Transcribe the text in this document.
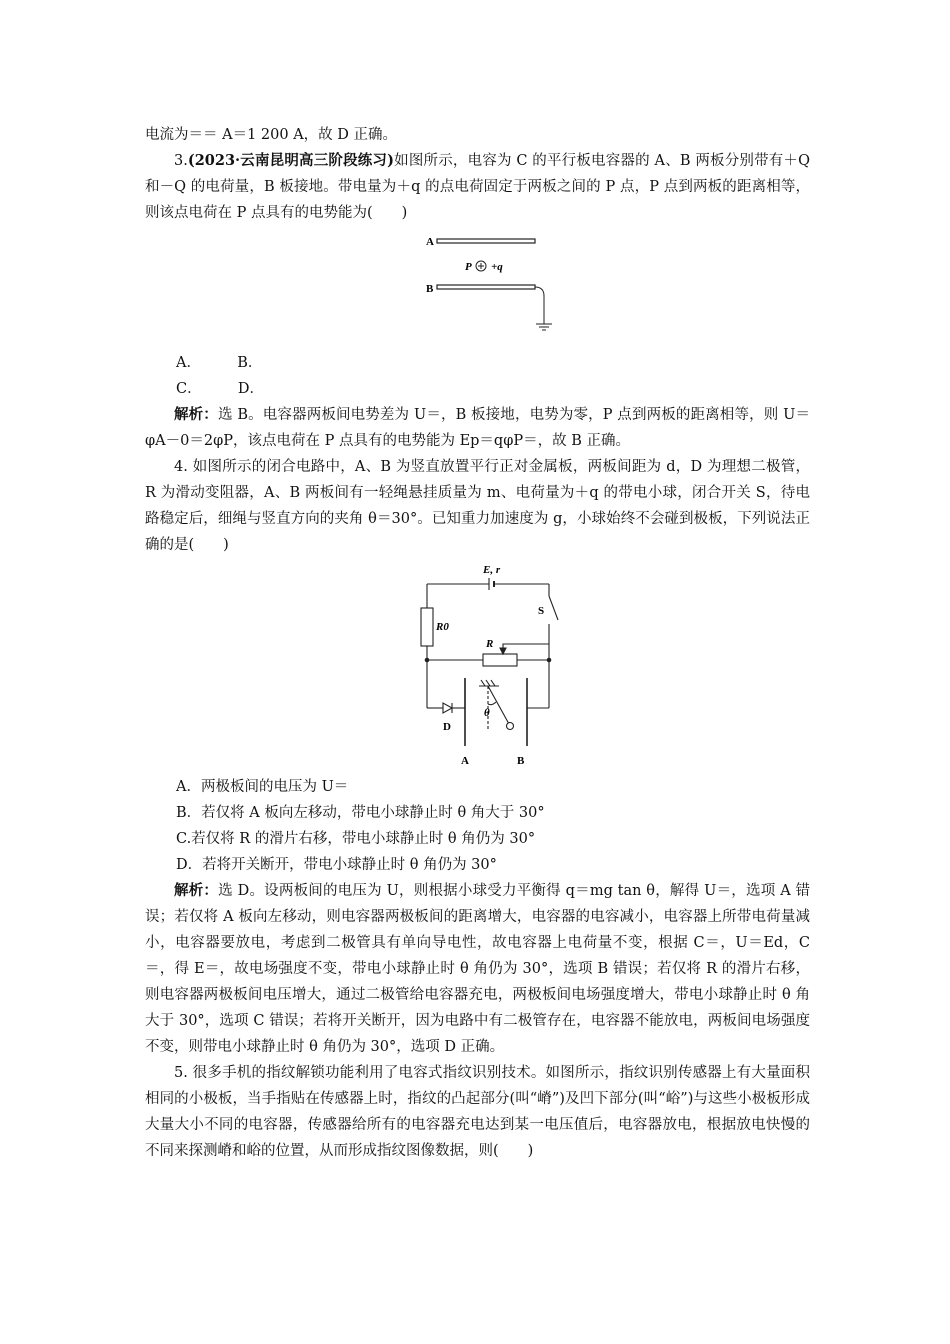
电流为＝＝ A＝1 200 A，故 D 正确。

3.(2023·云南昆明高三阶段练习)如图所示，电容为 C 的平行板电容器的 A、B 两板分别带有＋Q 和－Q 的电荷量，B 板接地。带电量为＋q 的点电荷固定于两板之间的 P 点，P 点到两板的距离相等，则该点电荷在 P 点具有的电势能为(　　)

A
P +q
B

A．　　　B．

C．　　　D．

解析：选 B。电容器两板间电势差为 U＝，B 板接地，电势为零，P 点到两板的距离相等，则 U＝φA－0＝2φP，该点电荷在 P 点具有的电势能为 Ep＝qφP＝，故 B 正确。

4. 如图所示的闭合电路中，A、B 为竖直放置平行正对金属板，两板间距为 d，D 为理想二极管，R 为滑动变阻器，A、B 两板间有一轻绳悬挂质量为 m、电荷量为＋q 的带电小球，闭合开关 S，待电路稳定后，细绳与竖直方向的夹角 θ＝30°。已知重力加速度为 g，小球始终不会碰到极板，下列说法正确的是(　　)

E, r
S
R0
R
D
θ
A	B

A．两极板间的电压为 U＝

B．若仅将 A 板向左移动，带电小球静止时 θ 角大于 30°

C.若仅将 R 的滑片右移，带电小球静止时 θ 角仍为 30°

D．若将开关断开，带电小球静止时 θ 角仍为 30°

解析：选 D。设两板间的电压为 U，则根据小球受力平衡得 q＝mg tan θ，解得 U＝，选项 A 错误；若仅将 A 板向左移动，则电容器两极板间的距离增大，电容器的电容减小，电容器上所带电荷量减小，电容器要放电，考虑到二极管具有单向导电性，故电容器上电荷量不变，根据 C＝，U＝Ed，C＝，得 E＝，故电场强度不变，带电小球静止时 θ 角仍为 30°，选项 B 错误；若仅将 R 的滑片右移，则电容器两极板间电压增大，通过二极管给电容器充电，两极板间电场强度增大，带电小球静止时 θ 角大于 30°，选项 C 错误；若将开关断开，因为电路中有二极管存在，电容器不能放电，两板间电场强度不变，则带电小球静止时 θ 角仍为 30°，选项 D 正确。

5. 很多手机的指纹解锁功能利用了电容式指纹识别技术。如图所示，指纹识别传感器上有大量面积相同的小极板，当手指贴在传感器上时，指纹的凸起部分(叫“嵴”)及凹下部分(叫“峪”)与这些小极板形成大量大小不同的电容器，传感器给所有的电容器充电达到某一电压值后，电容器放电，根据放电快慢的不同来探测嵴和峪的位置，从而形成指纹图像数据，则(　　)
